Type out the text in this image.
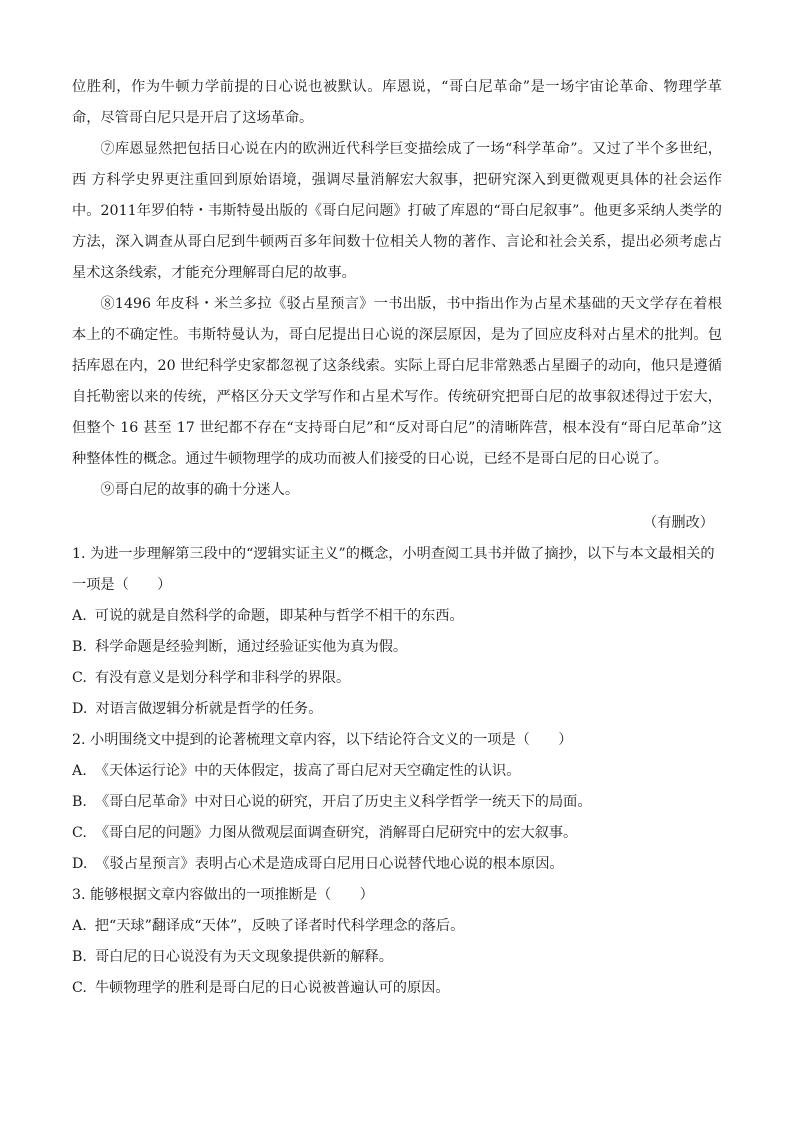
位胜利，作为牛顿力学前提的日心说也被默认。库恩说，“哥白尼革命”是一场宇宙论革命、物理学革命，尽管哥白尼只是开启了这场革命。

⑦库恩显然把包括日心说在内的欧洲近代科学巨变描绘成了一场“科学革命”。又过了半个多世纪，西 方科学史界更注重回到原始语境，强调尽量消解宏大叙事，把研究深入到更微观更具体的社会运作中。2011年罗伯特・韦斯特曼出版的《哥白尼问题》打破了库恩的“哥白尼叙事”。他更多采纳人类学的方法，深入调查从哥白尼到牛顿两百多年间数十位相关人物的著作、言论和社会关系，提出必须考虑占星术这条线索，才能充分理解哥白尼的故事。

⑧1496 年皮科・米兰多拉《驳占星预言》一书出版，书中指出作为占星术基础的天文学存在着根本上的不确定性。韦斯特曼认为，哥白尼提出日心说的深层原因，是为了回应皮科对占星术的批判。包括库恩在内，20 世纪科学史家都忽视了这条线索。实际上哥白尼非常熟悉占星圈子的动向，他只是遵循自托勒密以来的传统，严格区分天文学写作和占星术写作。传统研究把哥白尼的故事叙述得过于宏大，但整个 16 甚至 17 世纪都不存在“支持哥白尼”和“反对哥白尼”的清晰阵营，根本没有“哥白尼革命”这种整体性的概念。通过牛顿物理学的成功而被人们接受的日心说，已经不是哥白尼的日心说了。

⑨哥白尼的故事的确十分迷人。

（有删改）

1. 为进一步理解第三段中的“逻辑实证主义”的概念，小明查阅工具书并做了摘抄，以下与本文最相关的一项是（　　）

A. 可说的就是自然科学的命题，即某种与哲学不相干的东西。

B. 科学命题是经验判断，通过经验证实他为真为假。

C. 有没有意义是划分科学和非科学的界限。

D. 对语言做逻辑分析就是哲学的任务。

2. 小明围绕文中提到的论著梳理文章内容，以下结论符合文义的一项是（　　）

A. 《天体运行论》中的天体假定，拔高了哥白尼对天空确定性的认识。

B. 《哥白尼革命》中对日心说的研究，开启了历史主义科学哲学一统天下的局面。

C. 《哥白尼的问题》力图从微观层面调查研究，消解哥白尼研究中的宏大叙事。

D. 《驳占星预言》表明占心术是造成哥白尼用日心说替代地心说的根本原因。

3. 能够根据文章内容做出的一项推断是（　　）

A. 把“天球”翻译成“天体”，反映了译者时代科学理念的落后。

B. 哥白尼的日心说没有为天文现象提供新的解释。

C. 牛顿物理学的胜利是哥白尼的日心说被普遍认可的原因。
